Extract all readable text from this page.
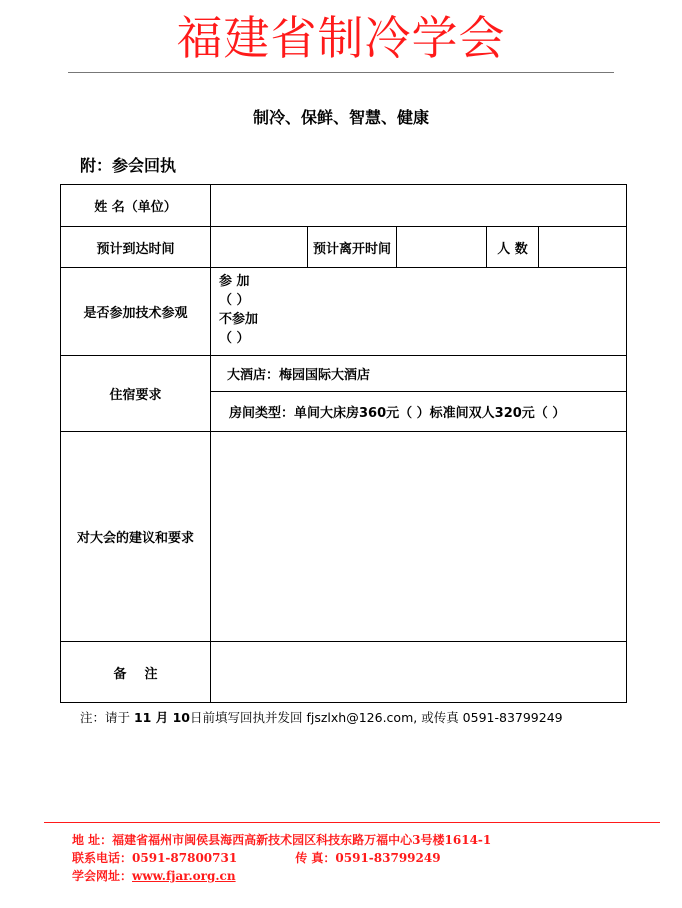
福建省制冷学会
制冷、保鲜、智慧、健康
附：参会回执
姓 名（单位）					
预计到达时间		预计离开时间		人 数	
是否参加技术参观	参 加
（ ）
不参加
（ ）				

住宿要求	大酒店：梅园国际大酒店				
	房间类型：单间大床房360元（ ）标准间双人320元（ ）				
对大会的建议和要求					
备    注					
注：请于 11 月 10日前填写回执并发回 fjszlxh@126.com, 或传真 0591-83799249
地 址：福建省福州市闽侯县海西高新技术园区科技东路万福中心3号楼1614-1
联系电话：0591-87800731	传 真：0591-83799249
学会网址：www.fjar.org.cn
